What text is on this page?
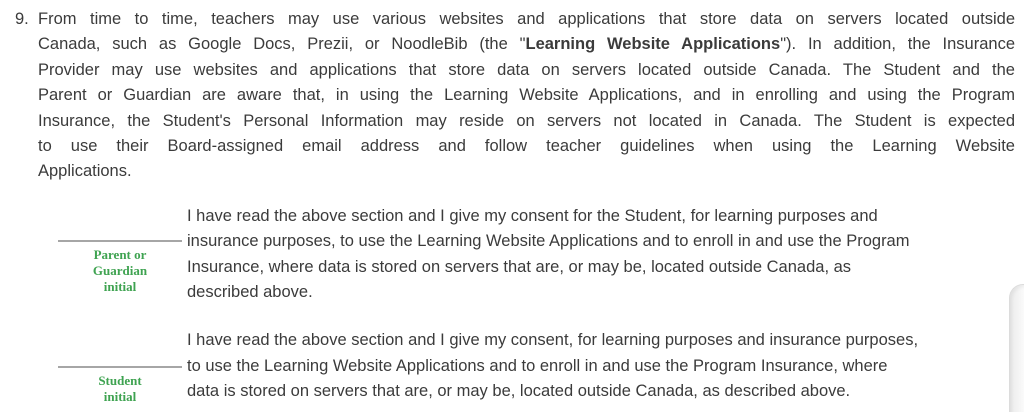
9. From time to time, teachers may use various websites and applications that store data on servers located outside
Canada, such as Google Docs, Prezii, or NoodleBib (the "Learning Website Applications"). In addition, the Insurance
Provider may use websites and applications that store data on servers located outside Canada. The Student and the
Parent or Guardian are aware that, in using the Learning Website Applications, and in enrolling and using the Program
Insurance, the Student's Personal Information may reside on servers not located in Canada. The Student is expected
to use their Board-assigned email address and follow teacher guidelines when using the Learning Website
Applications.
Parent or
Guardian
initial
I have read the above section and I give my consent for the Student, for learning purposes and
insurance purposes, to use the Learning Website Applications and to enroll in and use the Program
Insurance, where data is stored on servers that are, or may be, located outside Canada, as
described above.
Student
initial
I have read the above section and I give my consent, for learning purposes and insurance purposes,
to use the Learning Website Applications and to enroll in and use the Program Insurance, where
data is stored on servers that are, or may be, located outside Canada, as described above.
